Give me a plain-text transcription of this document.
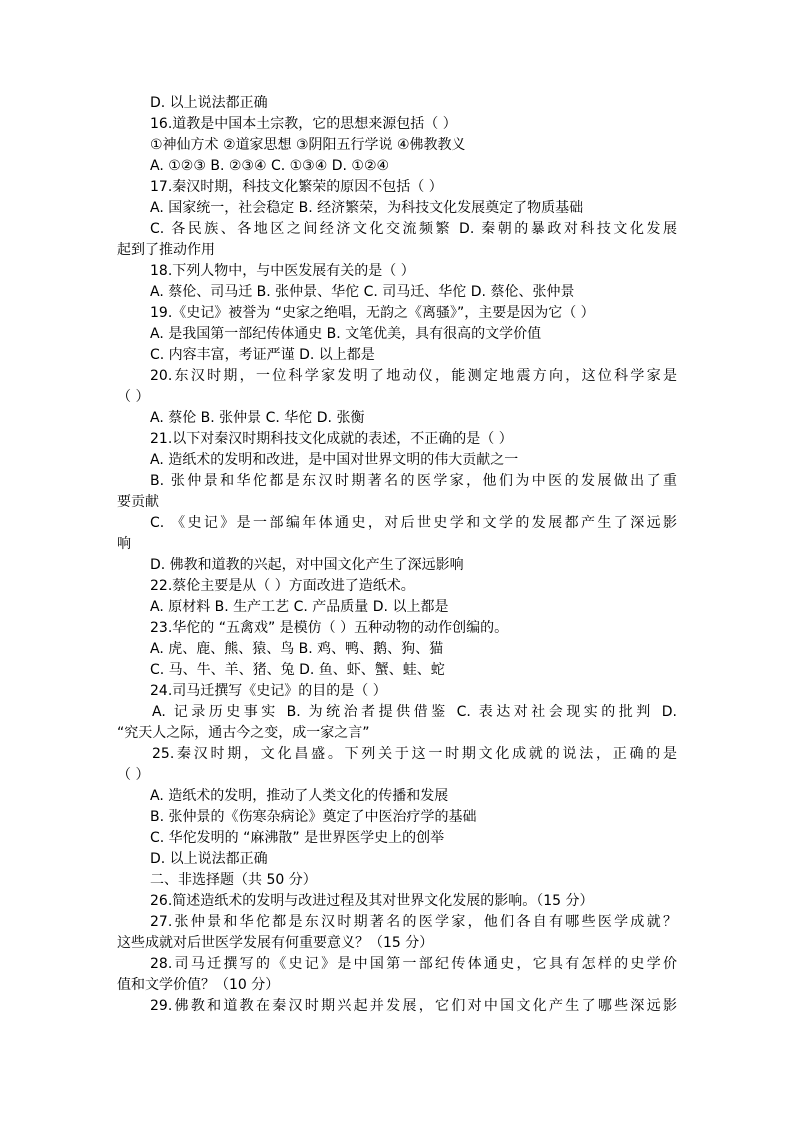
D. 以上说法都正确
16.道教是中国本土宗教，它的思想来源包括（ ）
①神仙方术 ②道家思想 ③阴阳五行学说 ④佛教教义
A. ①②③ B. ②③④ C. ①③④ D. ①②④
17.秦汉时期，科技文化繁荣的原因不包括（ ）
A. 国家统一，社会稳定 B. 经济繁荣，为科技文化发展奠定了物质基础
C. 各民族、各地区之间经济文化交流频繁 D. 秦朝的暴政对科技文化发展
起到了推动作用
18.下列人物中，与中医发展有关的是（ ）
A. 蔡伦、司马迁 B. 张仲景、华佗 C. 司马迁、华佗 D. 蔡伦、张仲景
19.《史记》被誉为 “史家之绝唱，无韵之《离骚》”，主要是因为它（ ）
A. 是我国第一部纪传体通史 B. 文笔优美，具有很高的文学价值
C. 内容丰富，考证严谨 D. 以上都是
20.东汉时期，一位科学家发明了地动仪，能测定地震方向，这位科学家是
（ ）
A. 蔡伦 B. 张仲景 C. 华佗 D. 张衡
21.以下对秦汉时期科技文化成就的表述，不正确的是（ ）
A. 造纸术的发明和改进，是中国对世界文明的伟大贡献之一
B. 张仲景和华佗都是东汉时期著名的医学家，他们为中医的发展做出了重
要贡献
C. 《史记》是一部编年体通史，对后世史学和文学的发展都产生了深远影
响
D. 佛教和道教的兴起，对中国文化产生了深远影响
22.蔡伦主要是从（ ）方面改进了造纸术。
A. 原材料 B. 生产工艺 C. 产品质量 D. 以上都是
23.华佗的 “五禽戏” 是模仿（ ）五种动物的动作创编的。
A. 虎、鹿、熊、猿、鸟 B. 鸡、鸭、鹅、狗、猫
C. 马、牛、羊、猪、兔 D. 鱼、虾、蟹、蛙、蛇
24.司马迁撰写《史记》的目的是（ ）
A. 记录历史事实 B. 为统治者提供借鉴 C. 表达对社会现实的批判 D.
“究天人之际，通古今之变，成一家之言”
25.秦汉时期，文化昌盛。下列关于这一时期文化成就的说法，正确的是
（ ）
A. 造纸术的发明，推动了人类文化的传播和发展
B. 张仲景的《伤寒杂病论》奠定了中医治疗学的基础
C. 华佗发明的 “麻沸散” 是世界医学史上的创举
D. 以上说法都正确
二、非选择题（共 50 分）
26.简述造纸术的发明与改进过程及其对世界文化发展的影响。（15 分）
27.张仲景和华佗都是东汉时期著名的医学家，他们各自有哪些医学成就？
这些成就对后世医学发展有何重要意义？（15 分）
28.司马迁撰写的《史记》是中国第一部纪传体通史，它具有怎样的史学价
值和文学价值？（10 分）
29.佛教和道教在秦汉时期兴起并发展，它们对中国文化产生了哪些深远影
